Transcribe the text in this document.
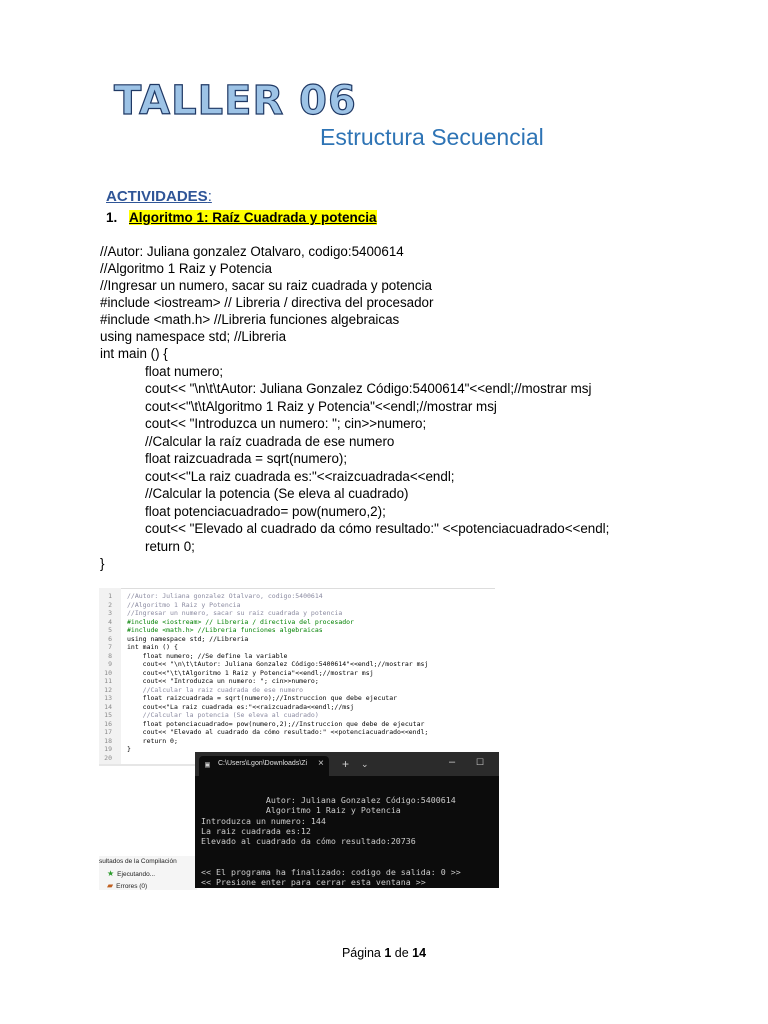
TALLER 06
Estructura Secuencial
ACTIVIDADES:
1. Algoritmo 1: Raíz Cuadrada y potencia
//Autor: Juliana gonzalez Otalvaro, codigo:5400614
//Algoritmo 1 Raiz y Potencia
//Ingresar un numero, sacar su raiz cuadrada y potencia
#include <iostream> // Libreria / directiva del procesador
#include <math.h> //Libreria funciones algebraicas
using namespace std; //Libreria
int main () {
float numero;
cout<< "\n\t\tAutor: Juliana Gonzalez Código:5400614"<<endl;//mostrar msj
cout<<"\t\tAlgoritmo 1 Raiz y Potencia"<<endl;//mostrar msj
cout<< "Introduzca un numero: "; cin>>numero;
//Calcular la raíz cuadrada de ese numero
float raizcuadrada = sqrt(numero);
cout<<"La raiz cuadrada es:"<<raizcuadrada<<endl;
//Calcular la potencia (Se eleva al cuadrado)
float potenciacuadrado= pow(numero,2);
cout<< "Elevado al cuadrado da cómo resultado:" <<potenciacuadrado<<endl;
return 0;
}
1
2
3
4
5
6
7
8
9
10
11
12
13
14
15
16
17
18
19
20
//Autor: Juliana gonzalez Otalvaro, codigo:5400614
//Algoritmo 1 Raiz y Potencia
//Ingresar un numero, sacar su raiz cuadrada y potencia
#include <iostream> // Libreria / directiva del procesador
#include <math.h> //Libreria funciones algebraicas
using namespace std; //Libreria
int main () {
float numero; //Se define la variable
cout<< "\n\t\tAutor: Juliana Gonzalez Código:5400614"<<endl;//mostrar msj
cout<<"\t\tAlgoritmo 1 Raiz y Potencia"<<endl;//mostrar msj
cout<< "Introduzca un numero: "; cin>>numero;
//Calcular la raiz cuadrada de ese numero
float raizcuadrada = sqrt(numero);//Instruccion que debe ejecutar
cout<<"La raiz cuadrada es:"<<raizcuadrada<<endl;//msj
//Calcular la potencia (Se eleva al cuadrado)
float potenciacuadrado= pow(numero,2);//Instruccion que debe de ejecutar
cout<< "Elevado al cuadrado da cómo resultado:" <<potenciacuadrado<<endl;
return 0;
}
sultados de la Compilación
★ Ejecutando...
▰ Errores (0)
▣ C:\Users\Lgon\Downloads\Zi × + ⌄	– ☐
Autor: Juliana Gonzalez Código:5400614
Algoritmo 1 Raiz y Potencia
Introduzca un numero: 144
La raiz cuadrada es:12
Elevado al cuadrado da cómo resultado:20736
<< El programa ha finalizado: codigo de salida: 0 >>
<< Presione enter para cerrar esta ventana >>
Página 1 de 14
